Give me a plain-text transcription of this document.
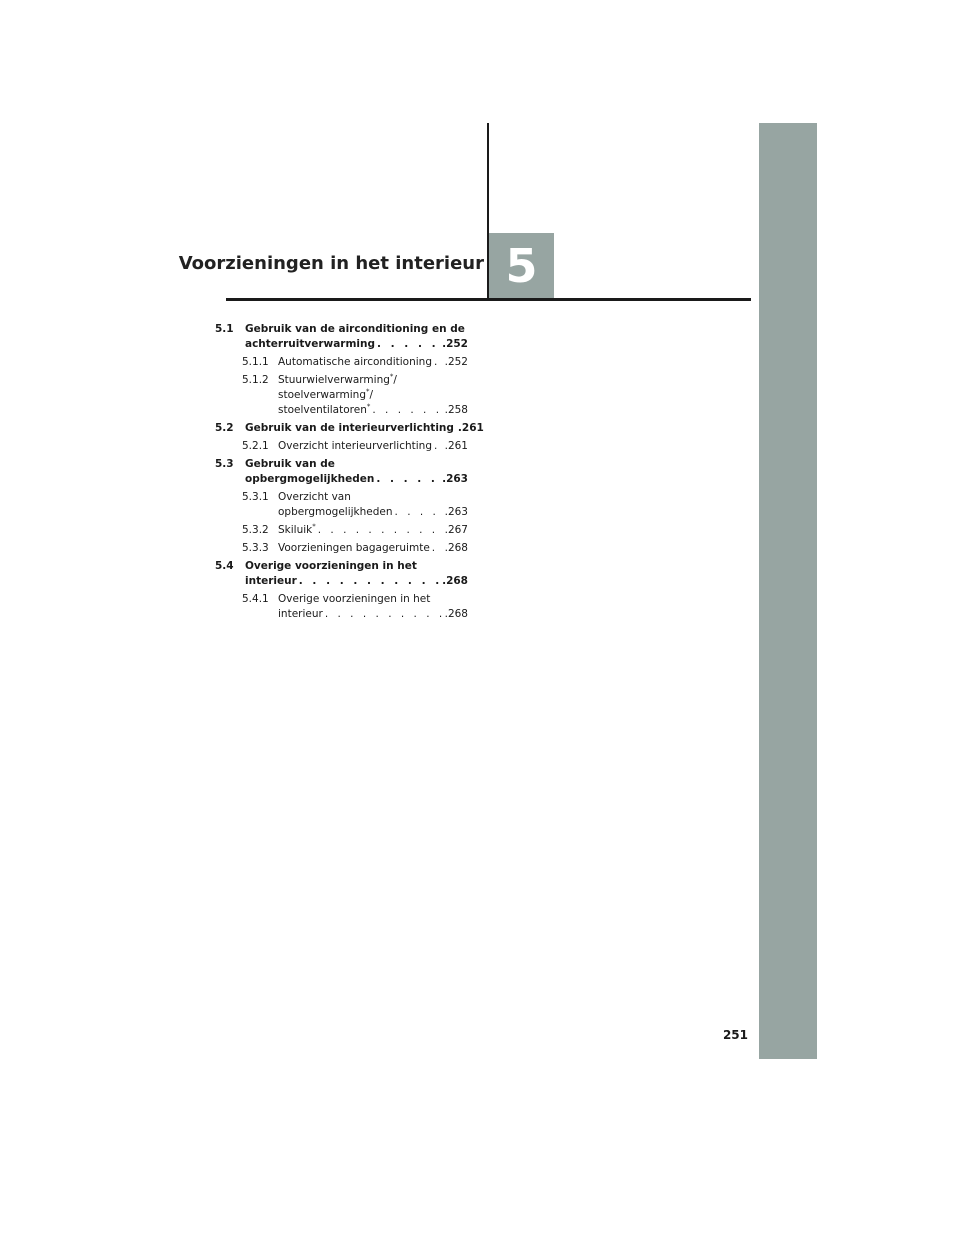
5
Voorzieningen in het interieur
5.1 Gebruik van de airconditioning en de
achterruitverwarming . . .	.252
5.1.1 Automatische airconditioning . . . .252
5.1.2 Stuurwielverwarming*/
stoelverwarming*/
stoelventilatoren* . . .	.258
5.2 Gebruik van de interieurverlichting .261
5.2.1 Overzicht interieurverlichting . . . .261
5.3 Gebruik van de
opbergmogelijkheden . . .	.263
5.3.1 Overzicht van
opbergmogelijkheden . . .	.263
5.3.2 Skiluik* . . .	.267
5.3.3 Voorzieningen bagageruimte . . . .268
5.4 Overige voorzieningen in het
interieur . . .	.268
5.4.1 Overige voorzieningen in het
interieur . . .	.268
251
